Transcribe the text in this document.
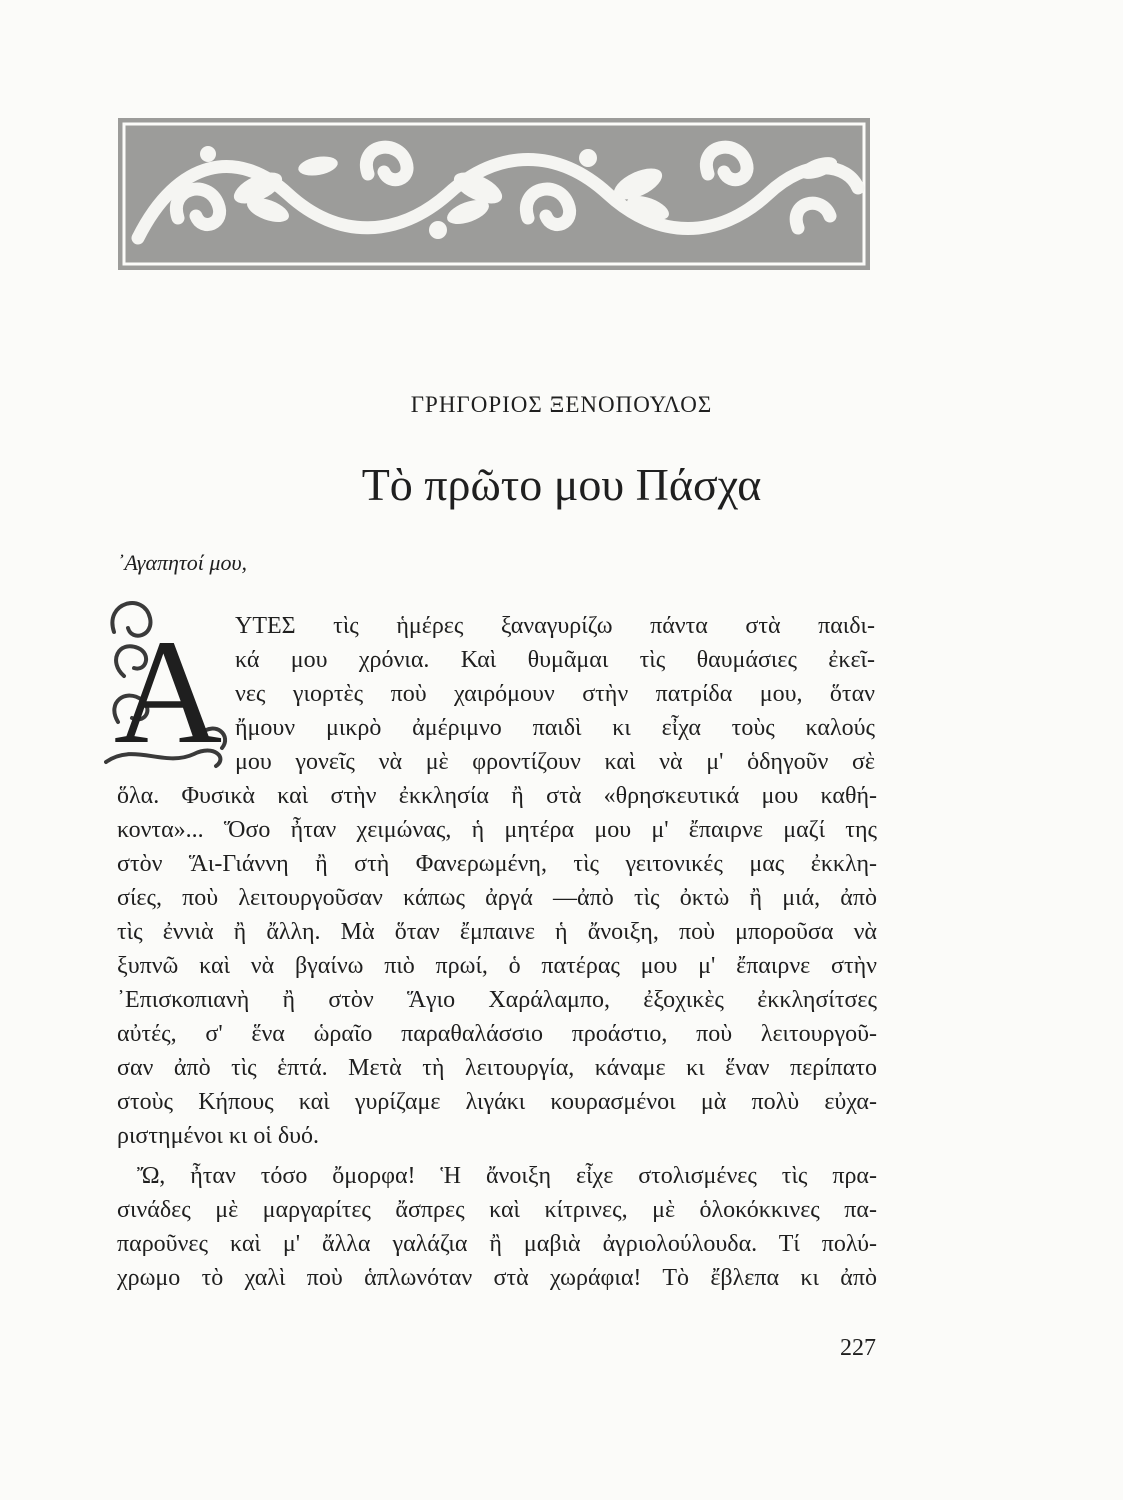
ΓΡΗΓΟΡΙΟΣ ΞΕΝΟΠΟΥΛΟΣ
Τὸ πρῶτο μου Πάσχα
᾿Αγαπητοί μου,
Α ΥΤΕΣ τὶς ἡμέρες ξαναγυρίζω πάντα στὰ παιδι-
κά μου χρόνια. Καὶ θυμᾶμαι τὶς θαυμάσιες ἐκεῖ-
νες γιορτὲς ποὺ χαιρόμουν στὴν πατρίδα μου, ὅταν
ἤμουν μικρὸ ἀμέριμνο παιδὶ κι εἶχα τοὺς καλούς
μου γονεῖς νὰ μὲ φροντίζουν καὶ νὰ μ' ὁδηγοῦν σὲ
ὅλα. Φυσικὰ καὶ στὴν ἐκκλησία ἢ στὰ «θρησκευτικά μου καθή-
κοντα»... Ὅσο ἦταν χειμώνας, ἡ μητέρα μου μ' ἔπαιρνε μαζί της
στὸν Ἅι-Γιάννη ἢ στὴ Φανερωμένη, τὶς γειτονικές μας ἐκκλη-
σίες, ποὺ λειτουργοῦσαν κάπως ἀργά —ἀπὸ τὶς ὀκτὼ ἢ μιά, ἀπὸ
τὶς ἐννιὰ ἢ ἄλλη. Μὰ ὅταν ἔμπαινε ἡ ἄνοιξη, ποὺ μποροῦσα νὰ
ξυπνῶ καὶ νὰ βγαίνω πιὸ πρωί, ὁ πατέρας μου μ' ἔπαιρνε στὴν
᾿Επισκοπιανὴ ἢ στὸν Ἅγιο Χαράλαμπο, ἐξοχικὲς ἐκκλησίτσες
αὐτές, σ' ἕνα ὡραῖο παραθαλάσσιο προάστιο, ποὺ λειτουργοῦ-
σαν ἀπὸ τὶς ἑπτά. Μετὰ τὴ λειτουργία, κάναμε κι ἕναν περίπατο
στοὺς Κήπους καὶ γυρίζαμε λιγάκι κουρασμένοι μὰ πολὺ εὐχα-
ριστημένοι κι οἱ δυό.
Ὤ, ἦταν τόσο ὄμορφα! Ἡ ἄνοιξη εἶχε στολισμένες τὶς πρα-
σινάδες μὲ μαργαρίτες ἄσπρες καὶ κίτρινες, μὲ ὁλοκόκκινες πα-
παροῦνες καὶ μ' ἄλλα γαλάζια ἢ μαβιὰ ἀγριολούλουδα. Τί πολύ-
χρωμο τὸ χαλὶ ποὺ ἁπλωνόταν στὰ χωράφια! Τὸ ἔβλεπα κι ἀπὸ
227
